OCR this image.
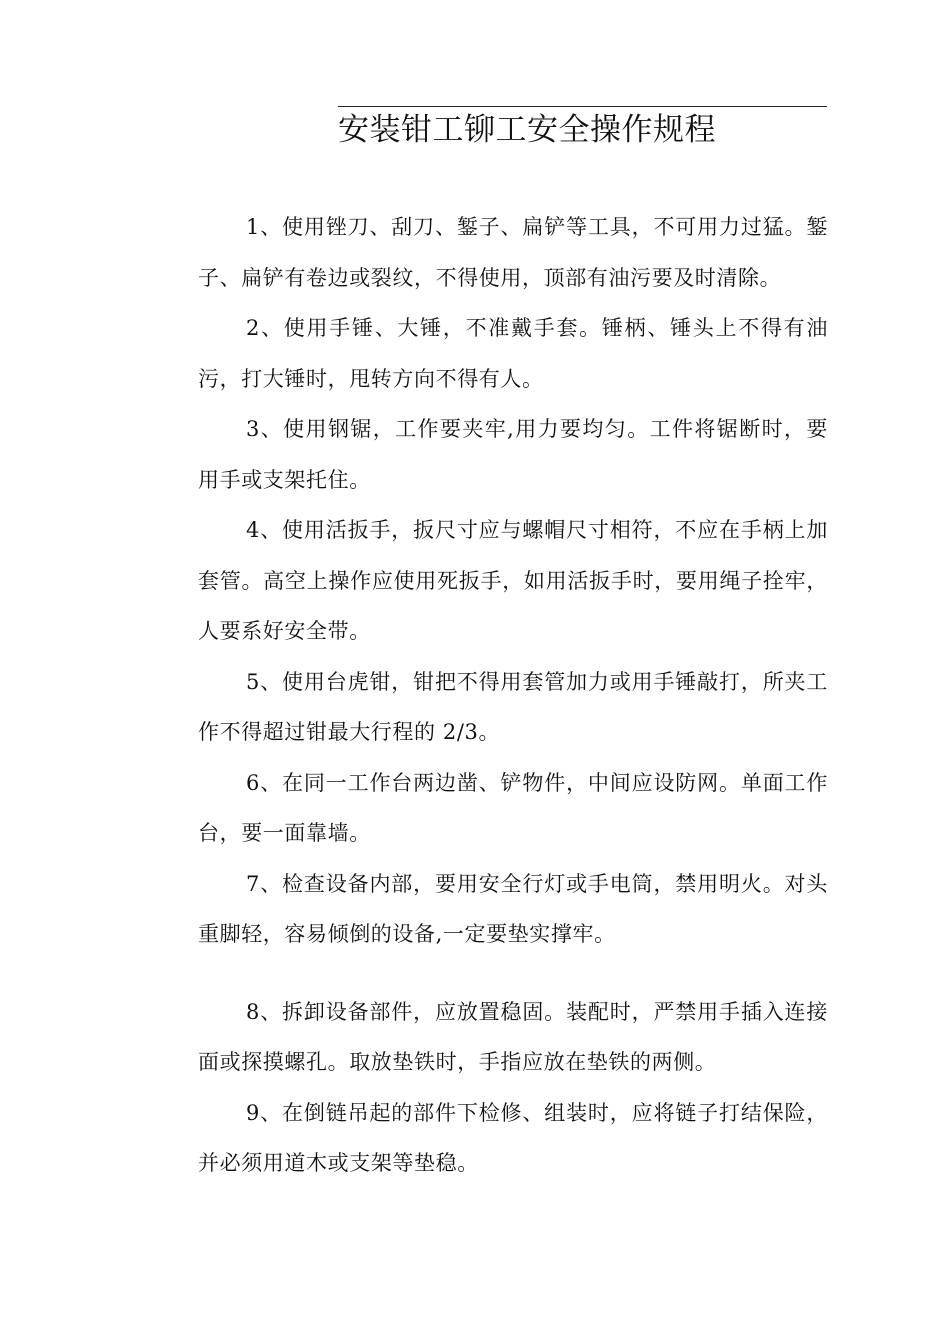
安装钳工铆工安全操作规程

1、使用锉刀、刮刀、錾子、扁铲等工具，不可用力过猛。錾子、扁铲有卷边或裂纹，不得使用，顶部有油污要及时清除。

2、使用手锤、大锤，不准戴手套。锤柄、锤头上不得有油污，打大锤时，甩转方向不得有人。

3、使用钢锯，工作要夹牢,用力要均匀。工件将锯断时，要用手或支架托住。

4、使用活扳手，扳尺寸应与螺帽尺寸相符，不应在手柄上加套管。高空上操作应使用死扳手，如用活扳手时，要用绳子拴牢，人要系好安全带。

5、使用台虎钳，钳把不得用套管加力或用手锤敲打，所夹工作不得超过钳最大行程的 2/3。

6、在同一工作台两边凿、铲物件，中间应设防网。单面工作台，要一面靠墙。

7、检查设备内部，要用安全行灯或手电筒，禁用明火。对头重脚轻，容易倾倒的设备,一定要垫实撑牢。

8、拆卸设备部件，应放置稳固。装配时，严禁用手插入连接面或探摸螺孔。取放垫铁时，手指应放在垫铁的两侧。

9、在倒链吊起的部件下检修、组装时，应将链子打结保险，并必须用道木或支架等垫稳。
